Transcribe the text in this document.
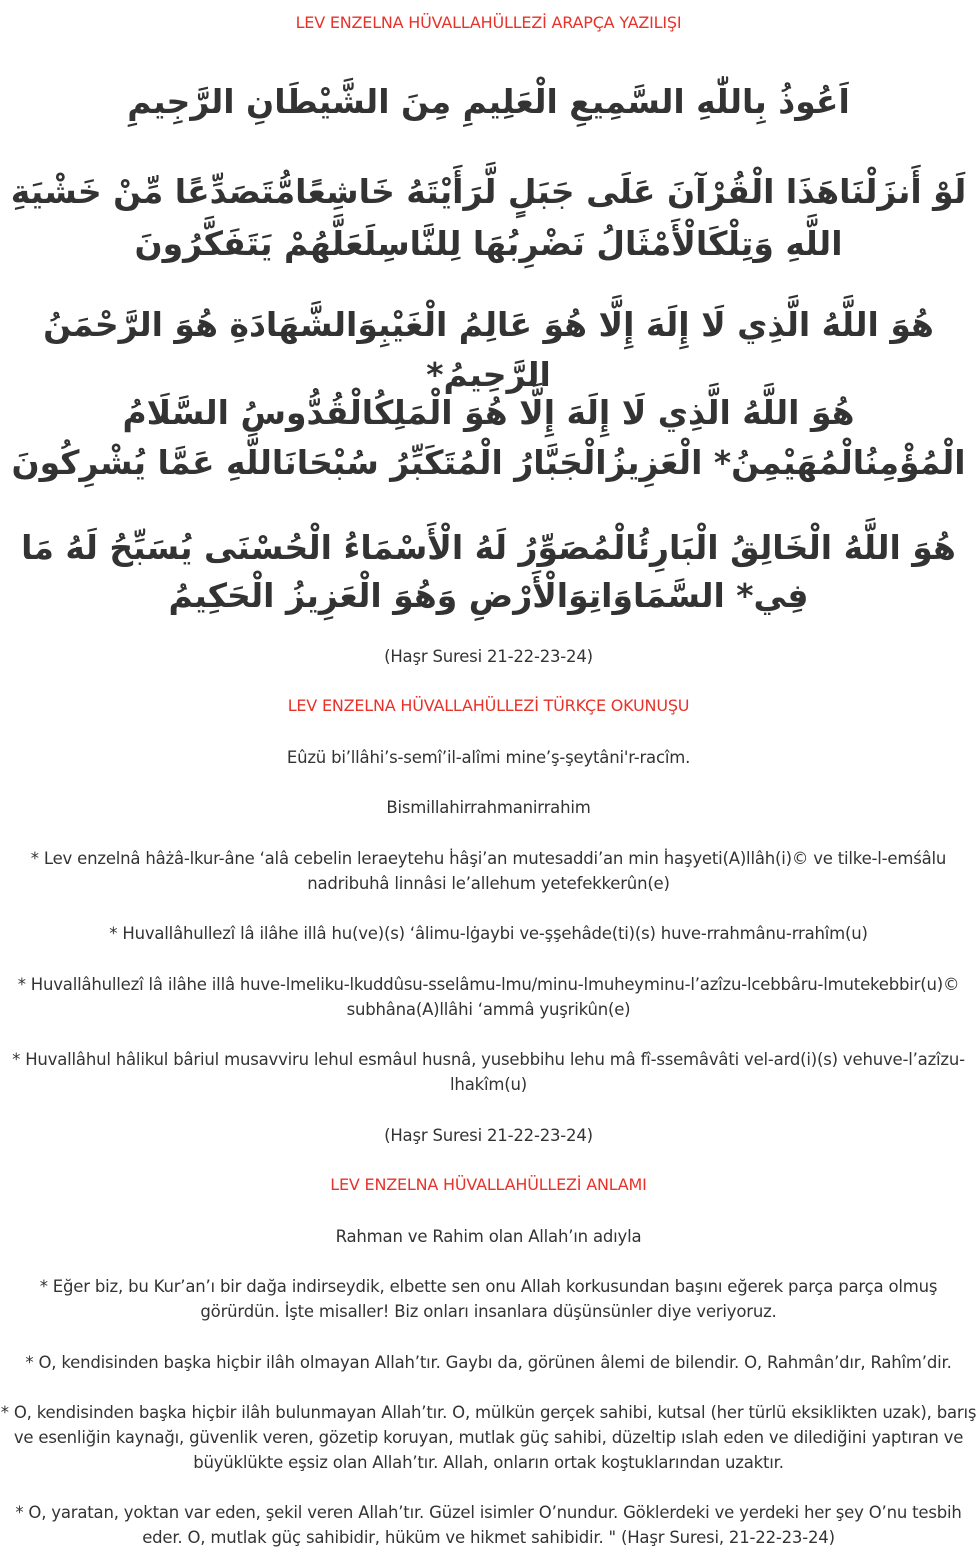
LEV ENZELNA HÜVALLAHÜLLEZİ ARAPÇA YAZILIŞI
اَعُوذُ بِاللّٰهِ السَّمِيعِ الْعَلِيمِ مِنَ الشَّيْطَانِ الرَّجِيمِ
لَوْ أَنزَلْنَاهَذَا الْقُرْآنَ عَلَى جَبَلٍ لَّرَأَيْتَهُ خَاشِعًامُّتَصَدِّعًا مِّنْ خَشْيَةِ اللَّهِ وَتِلْكَالْأَمْثَالُ نَضْرِبُهَا لِلنَّاسِلَعَلَّهُمْ يَتَفَكَّرُونَ
هُوَ اللَّهُ الَّذِي لَا إِلَهَ إِلَّا هُوَ عَالِمُ الْغَيْبِوَالشَّهَادَةِ هُوَ الرَّحْمَنُ الرَّحِيمُ*
هُوَ اللَّهُ الَّذِي لَا إِلَهَ إِلَّا هُوَ الْمَلِكُالْقُدُّوسُ السَّلَامُ الْمُؤْمِنُالْمُهَيْمِنُ* الْعَزِيزُالْجَبَّارُ الْمُتَكَبِّرُ سُبْحَانَاللَّهِ عَمَّا يُشْرِكُونَ
هُوَ اللَّهُ الْخَالِقُ الْبَارِئُالْمُصَوِّرُ لَهُ الْأَسْمَاءُ الْحُسْنَى يُسَبِّحُ لَهُ مَا فِي* السَّمَاوَاتِوَالْأَرْضِ وَهُوَ الْعَزِيزُ الْحَكِيمُ
(Haşr Suresi 21-22-23-24)
LEV ENZELNA HÜVALLAHÜLLEZİ TÜRKÇE OKUNUŞU
Eûzü bi’llâhi’s-semî’il-alîmi mine’ş-şeytâni'r-racîm.
Bismillahirrahmanirrahim
* Lev enzelnâ hâżâ-lkur-âne ‘alâ cebelin leraeytehu ḣâşi’an mutesaddi’an min ḣaşyeti(A)llâh(i)© ve tilke-l-emśâlu nadribuhâ linnâsi le’allehum yetefekkerûn(e)
* Huvallâhullezî lâ ilâhe illâ hu(ve)(s) ‘âlimu-lġaybi ve-şşehâde(ti)(s) huve-rrahmânu-rrahîm(u)
* Huvallâhullezî lâ ilâhe illâ huve-lmeliku-lkuddûsu-sselâmu-lmu/minu-lmuheyminu-l’azîzu-lcebbâru-lmutekebbir(u)© subhâna(A)llâhi ‘ammâ yuşrikûn(e)
* Huvallâhul hâlikul bâriul musavviru lehul esmâul husnâ, yusebbihu lehu mâ fî-ssemâvâti vel-ard(i)(s) vehuve-l’azîzu-lhakîm(u)
(Haşr Suresi 21-22-23-24)
LEV ENZELNA HÜVALLAHÜLLEZİ ANLAMI
Rahman ve Rahim olan Allah’ın adıyla
* Eğer biz, bu Kur’an’ı bir dağa indirseydik, elbette sen onu Allah korkusundan başını eğerek parça parça olmuş görürdün. İşte misaller! Biz onları insanlara düşünsünler diye veriyoruz.
* O, kendisinden başka hiçbir ilâh olmayan Allah’tır. Gaybı da, görünen âlemi de bilendir. O, Rahmân’dır, Rahîm’dir.
* O, kendisinden başka hiçbir ilâh bulunmayan Allah’tır. O, mülkün gerçek sahibi, kutsal (her türlü eksiklikten uzak), barış ve esenliğin kaynağı, güvenlik veren, gözetip koruyan, mutlak güç sahibi, düzeltip ıslah eden ve dilediğini yaptıran ve büyüklükte eşsiz olan Allah’tır. Allah, onların ortak koştuklarından uzaktır.
* O, yaratan, yoktan var eden, şekil veren Allah’tır. Güzel isimler O’nundur. Göklerdeki ve yerdeki her şey O’nu tesbih eder. O, mutlak güç sahibidir, hüküm ve hikmet sahibidir. " (Haşr Suresi, 21-22-23-24)
